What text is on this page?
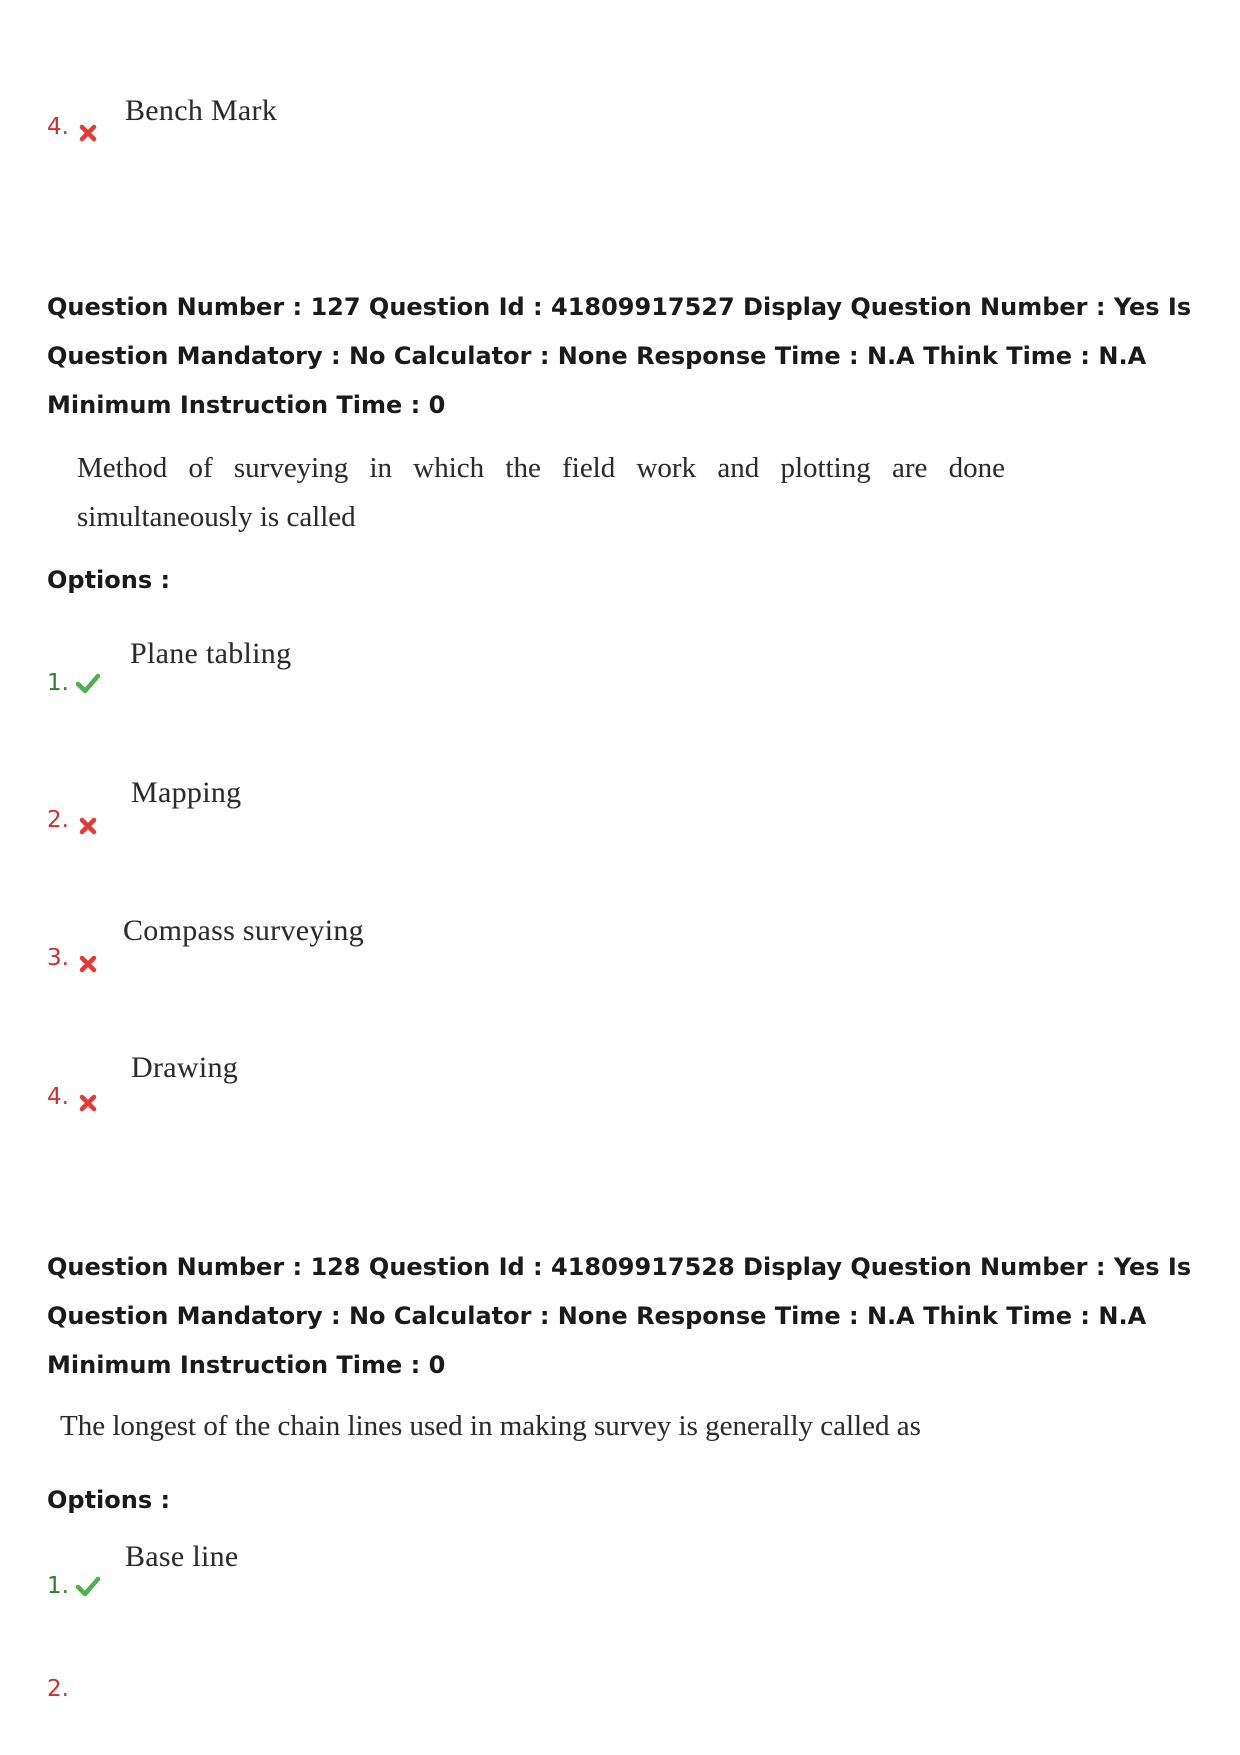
4. Bench Mark
Question Number : 127 Question Id : 41809917527 Display Question Number : Yes Is Question Mandatory : No Calculator : None Response Time : N.A Think Time : N.A Minimum Instruction Time : 0
Method of surveying in which the field work and plotting are done
simultaneously is called
Options :
1.
Plane tabling
2.
Mapping
3.
Compass surveying
4.
Drawing
Question Number : 128 Question Id : 41809917528 Display Question Number : Yes Is Question Mandatory : No Calculator : None Response Time : N.A Think Time : N.A Minimum Instruction Time : 0
The longest of the chain lines used in making survey is generally called as
Options :
1.
Base line
2.
